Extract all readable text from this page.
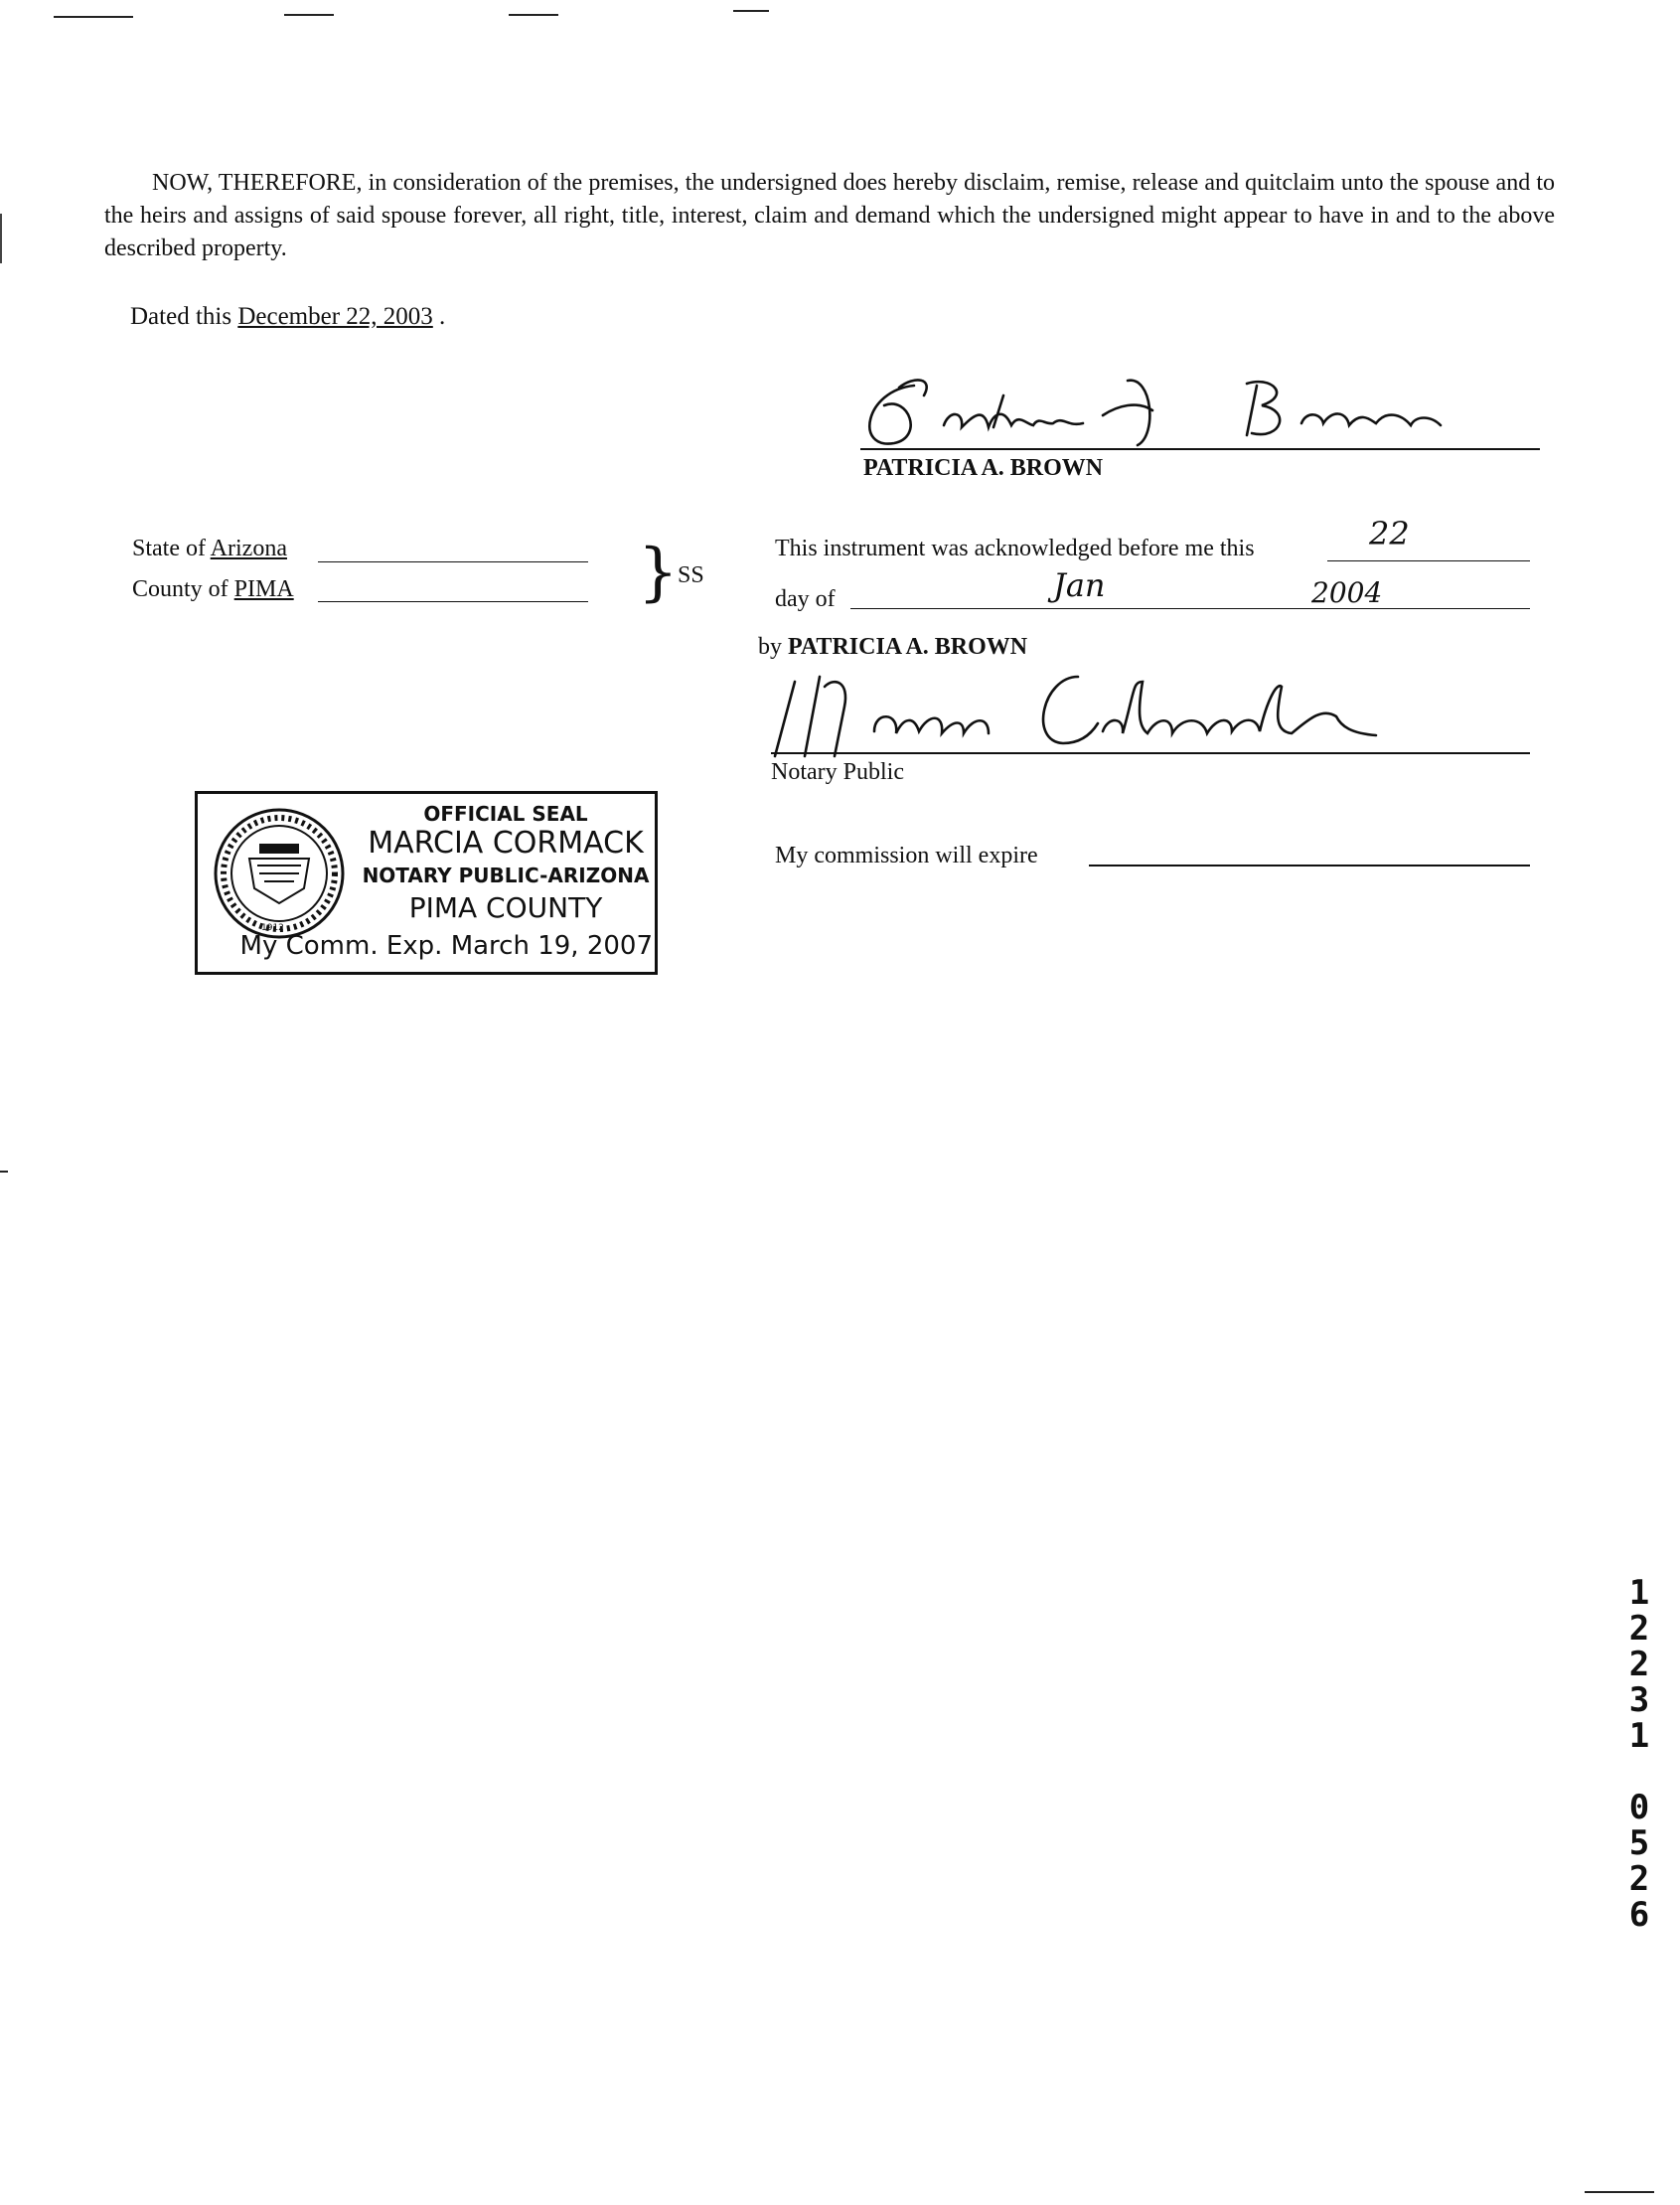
NOW, THEREFORE, in consideration of the premises, the undersigned does hereby disclaim, remise, release and quitclaim unto the spouse and to the heirs and assigns of said spouse forever, all right, title, interest, claim and demand which the undersigned might appear to have in and to the above described property.
Dated this December 22, 2003 .
PATRICIA A. BROWN
State of Arizona
County of PIMA	} SS
This instrument was acknowledged before me this	22
day of	Jan	2004
by PATRICIA A. BROWN
Notary Public
My commission will expire
1912
OFFICIAL SEAL
MARCIA CORMACK
NOTARY PUBLIC-ARIZONA
PIMA COUNTY
My Comm. Exp. March 19, 2007
1
2
2
3
1
0
5
2
6
